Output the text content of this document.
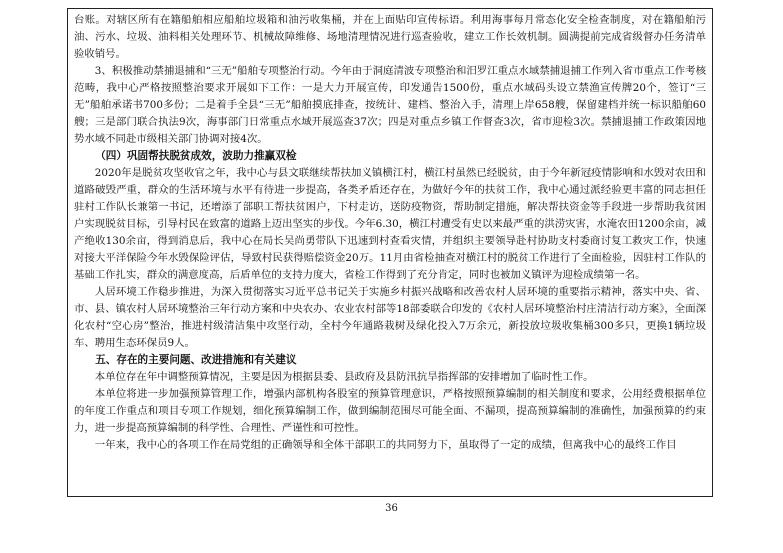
台账。对辖区所有在籍船舶相应船舶垃圾箱和油污收集桶，并在上面贴印宣传标语。利用海事每月常态化安全检查制度，对在籍船舶污油、污水、垃圾、油料相关处理环节、机械故障维修、场地清理情况进行巡查验收，建立工作长效机制。圆满提前完成省级督办任务清单验收销号。

3、积极推动禁捕退捕和“三无”船舶专项整治行动。今年由于洞庭清波专项整治和汨罗江重点水域禁捕退捕工作列入省市重点工作考核范畴，我中心严格按照整治要求开展如下工作：一是大力开展宣传，印发通告1500份，重点水域码头设立禁渔宣传牌20个，签订“三无”船舶承诺书700多份；二是着手全县“三无”船舶摸底排查，按统计、建档、整治入手，清理上岸658艘，保留建档并统一标识船舶60艘；三是部门联合执法9次，海事部门日常重点水域开展巡查37次；四是对重点乡镇工作督查3次，省市迎检3次。禁捕退捕工作政策因地势水域不同赴市级相关部门协调对接4次。

（四）巩固帮扶脱贫成效，波助力推赢双检

2020年是脱贫攻坚收官之年，我中心与县文联继续帮扶加义镇横江村，横江村虽然已经脱贫，由于今年新冠疫情影响和水毁对农田和道路破毁严重，群众的生活环境与水平有待进一步提高，各类矛盾还存在，为做好今年的扶贫工作，我中心通过派经验更丰富的同志担任驻村工作队长兼第一书记，还增添了部职工帮扶贫困户，下村走访，送防疫物资，帮助制定措施，解决帮扶资金等手段进一步帮助我贫困户实现脱贫目标，引导村民在致富的道路上迈出坚实的步伐。今年6.30，横江村遭受有史以来最严重的洪涝灾害，水淹农田1200余亩，减产绝收130余亩，得到消息后，我中心在局长吴尚勇带队下迅速到村查看灾情，并组织主要领导赴村协助支村委商讨复工救灾工作，快速对接大平洋保险今年水毁保险评估，导致村民获得赔偿资金20万。11月由省检抽查对横江村的脱贫工作进行了全面检验，因驻村工作队的基础工作扎实，群众的满意度高，后盾单位的支持力度大，省检工作得到了充分肯定，同时也被加义镇评为迎检成绩第一名。

人居环境工作稳步推进，为深入贯彻落实习近平总书记关于实施乡村振兴战略和改善农村人居环境的重要指示精神，落实中央、省、市、县、镇农村人居环境整治三年行动方案和中央农办、农业农村部等18部委联合印发的《农村人居环境整治村庄清洁行动方案》，全面深化农村“空心房”整治，推进村级清洁集中攻坚行动，全村今年通路栽树及绿化投入7万余元，新投放垃圾收集桶300多只，更换1辆垃圾车、聘用生态环保员9人。

五、存在的主要问题、改进措施和有关建议

本单位存在年中调整预算情况，主要是因为根据县委、县政府及县防汛抗旱指挥部的安排增加了临时性工作。

本单位将进一步加强预算管理工作，增强内部机构各股室的预算管理意识，严格按照预算编制的相关制度和要求，公用经费根据单位的年度工作重点和项目专项工作规划，细化预算编制工作，做到编制范围尽可能全面、不漏项，提高预算编制的准确性，加强预算的约束力，进一步提高预算编制的科学性、合理性、严谨性和可控性。

一年来，我中心的各项工作在局党组的正确领导和全体干部职工的共同努力下，虽取得了一定的成绩，但离我中心的最终工作目

36
